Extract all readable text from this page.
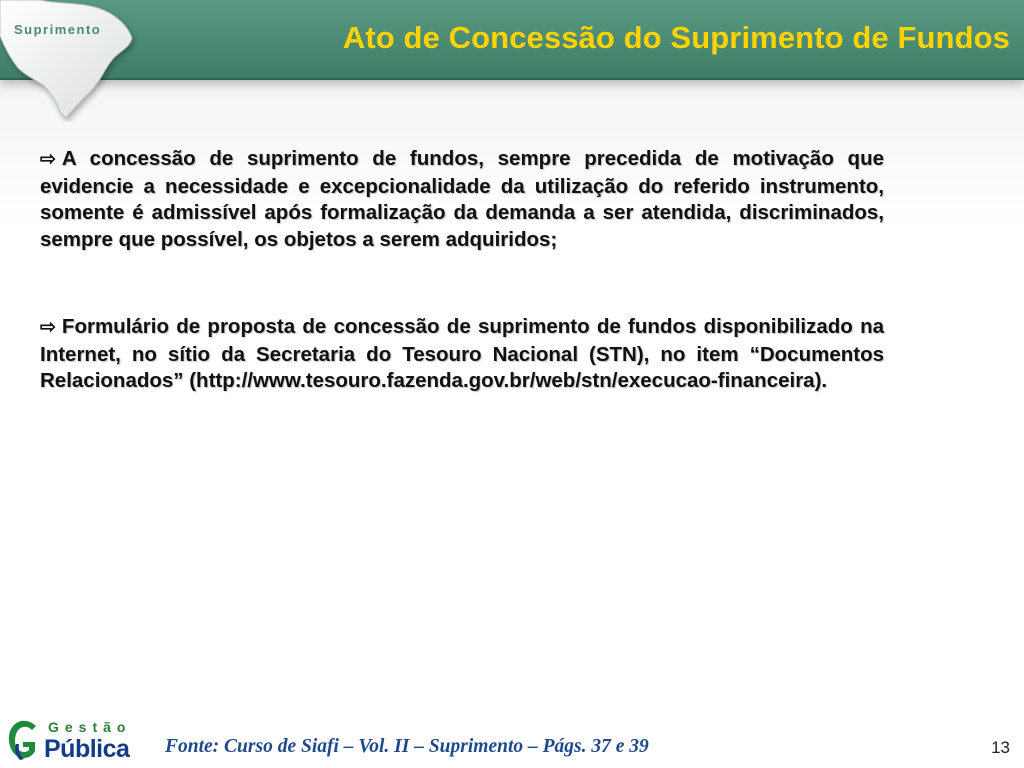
Ato de Concessão do Suprimento de Fundos
Suprimento

⇨ A concessão de suprimento de fundos, sempre precedida de motivação que evidencie a necessidade e excepcionalidade da utilização do referido instrumento, somente é admissível após formalização da demanda a ser atendida, discriminados, sempre que possível, os objetos a serem adquiridos;

⇨ Formulário de proposta de concessão de suprimento de fundos disponibilizado na Internet, no sítio da Secretaria do Tesouro Nacional (STN), no item “Documentos Relacionados” (http://www.tesouro.fazenda.gov.br/web/stn/execucao-financeira).

Gestão
Pública Fonte: Curso de Siafi – Vol. II – Suprimento – Págs. 37 e 39	13
